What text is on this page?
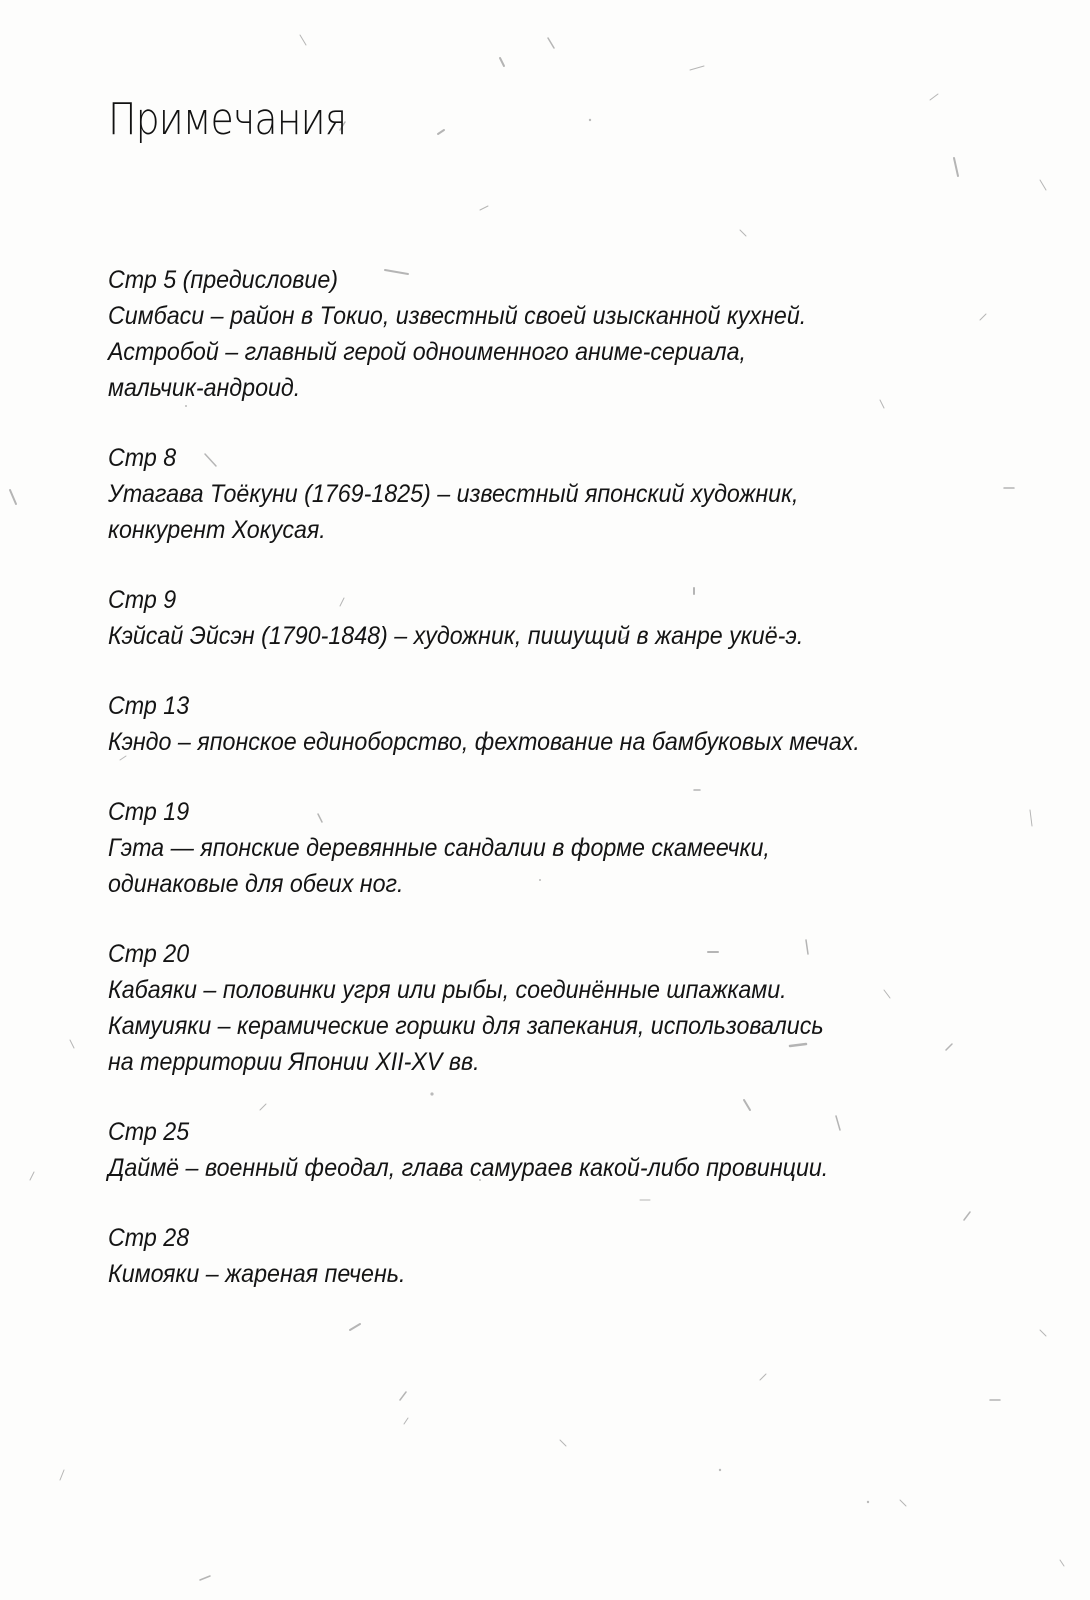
Примечания
Стр 5 (предисловие)
Симбаси – район в Токио, известный своей изысканной кухней.
Астробой – главный герой одноименного аниме-сериала,
мальчик-андроид.
Стр 8
Утагава Тоёкуни (1769-1825) – известный японский художник,
конкурент Хокусая.
Стр 9
Кэйсай Эйсэн (1790-1848) – художник, пишущий в жанре укиё-э.
Стр 13
Кэндо – японское единоборство, фехтование на бамбуковых мечах.
Стр 19
Гэта — японские деревянные сандалии в форме скамеечки,
одинаковые для обеих ног.
Стр 20
Кабаяки – половинки угря или рыбы, соединённые шпажками.
Камуияки – керамические горшки для запекания, использовались
на территории Японии XII-XV вв.
Стр 25
Даймё – военный феодал, глава самураев какой-либо провинции.
Стр 28
Кимояки – жареная печень.
